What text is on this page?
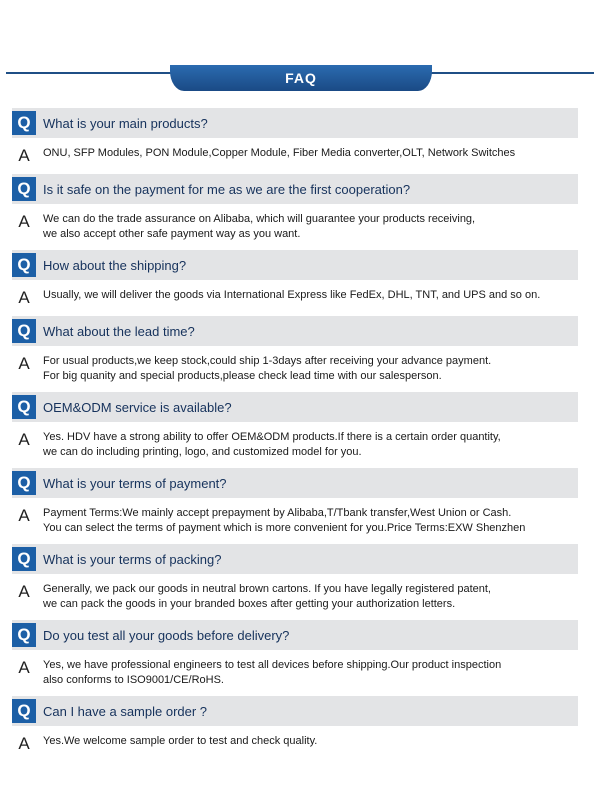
FAQ
Q What is your main products?
A	ONU, SFP Modules, PON Module,Copper Module, Fiber Media converter,OLT, Network Switches
Q Is it safe on the payment for me as we are the first cooperation?
A	We can do the trade assurance on Alibaba, which will guarantee your products receiving,
we also accept other safe payment way as you want.
Q How about the shipping?
A	Usually, we will deliver the goods via International Express like FedEx, DHL, TNT, and UPS and so on.
Q What about the lead time?
A	For usual products,we keep stock,could ship 1-3days after receiving your advance payment.
For big quanity and special products,please check lead time with our salesperson.
Q OEM&ODM service is available?
A	Yes. HDV have a strong ability to offer OEM&ODM products.If there is a certain order quantity,
we can do including printing, logo, and customized model for you.
Q What is your terms of payment?
A	Payment Terms:We mainly accept prepayment by Alibaba,T/Tbank transfer,West Union or Cash.
You can select the terms of payment which is more convenient for you.Price Terms:EXW Shenzhen
Q What is your terms of packing?
A	Generally, we pack our goods in neutral brown cartons. If you have legally registered patent,
we can pack the goods in your branded boxes after getting your authorization letters.
Q Do you test all your goods before delivery?
A	Yes, we have professional engineers to test all devices before shipping.Our product inspection
also conforms to ISO9001/CE/RoHS.
Q Can I have a sample order ?
A	Yes.We welcome sample order to test and check quality.
